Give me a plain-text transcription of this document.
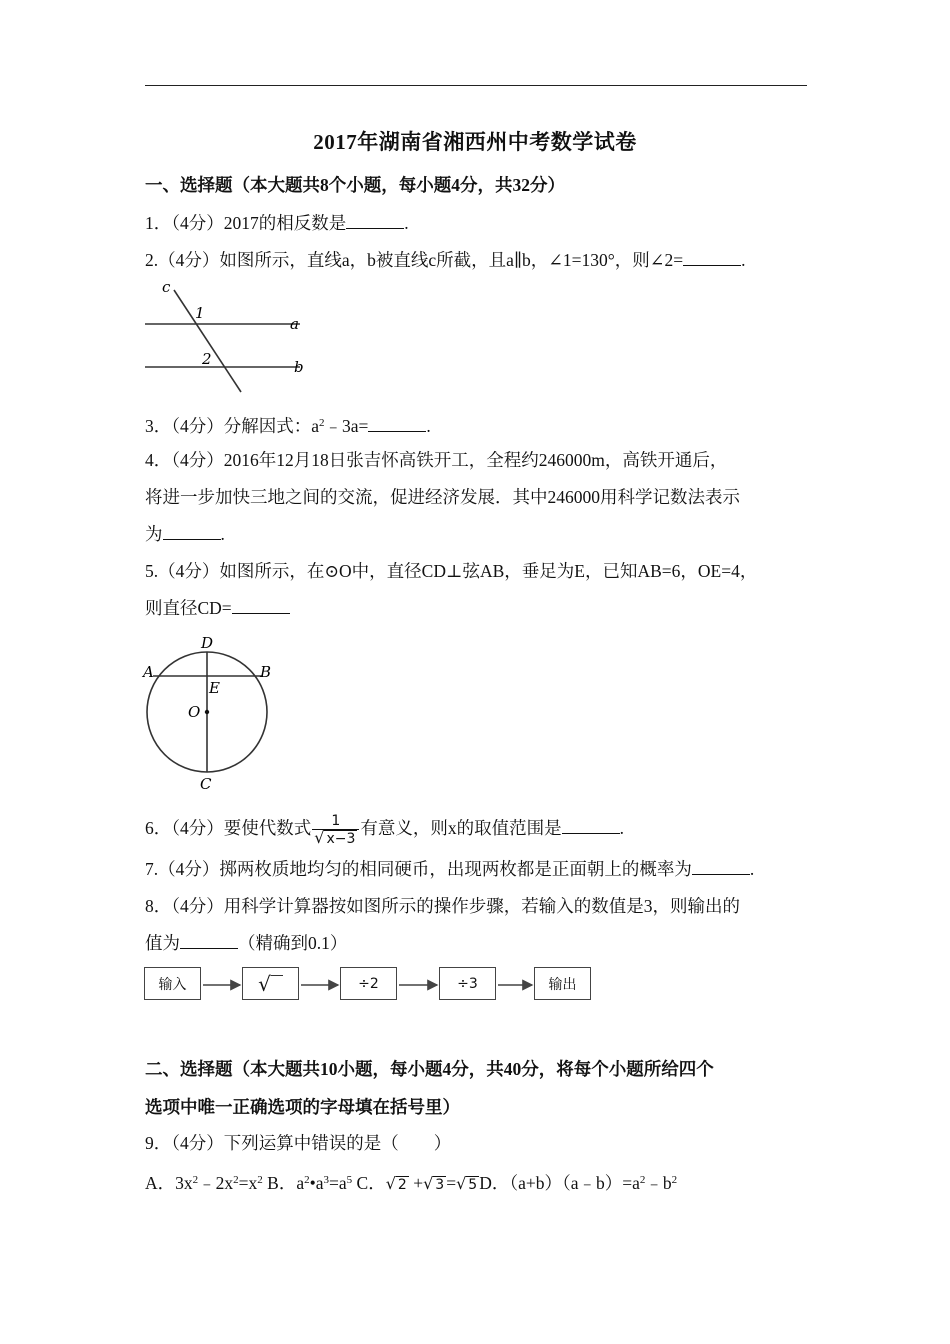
2017年湖南省湘西州中考数学试卷
一、选择题（本大题共8个小题，每小题4分，共32分）
1．（4分）2017的相反数是	.
2.（4分）如图所示，直线a，b被直线c所截，且a∥b，∠1=130°，则∠2=	.
c
1
a
2	b
3．（4分）分解因式：$a^2﹣3a=$	.
4．（4分）2016年12月18日张吉怀高铁开工，全程约246000m，高铁开通后，
将进一步加快三地之间的交流，促进经济发展．其中246000用科学记数法表示
为	.
5.（4分）如图所示，在⊙O中，直径CD⊥弦AB，垂足为E，已知AB=6，OE=4，
则直径CD=
D
A	B
E
O
C
6．（4分）要使代数式 $\frac{1}{√ x-3}$ 有意义，则x的取值范围是	.
7.（4分）掷两枚质地均匀的相同硬币，出现两枚都是正面朝上的概率为	.
8．（4分）用科学计算器按如图所示的操作步骤，若输入的数值是3，则输出的
值为	（精确到0.1）
输入	√	÷2	÷3	输出
二、选择题（本大题共10小题，每小题4分，共40分，将每个小题所给四个
选项中唯一正确选项的字母填在括号里）
9．（4分）下列运算中错误的是（　　）
A．$3x^2﹣2x^2=x^2$ B．$a^2•a^3=a^5$ C．√ 2 +√ 3 =√ 5 D．$(a+b)(a﹣b)=a^2﹣b^2$
